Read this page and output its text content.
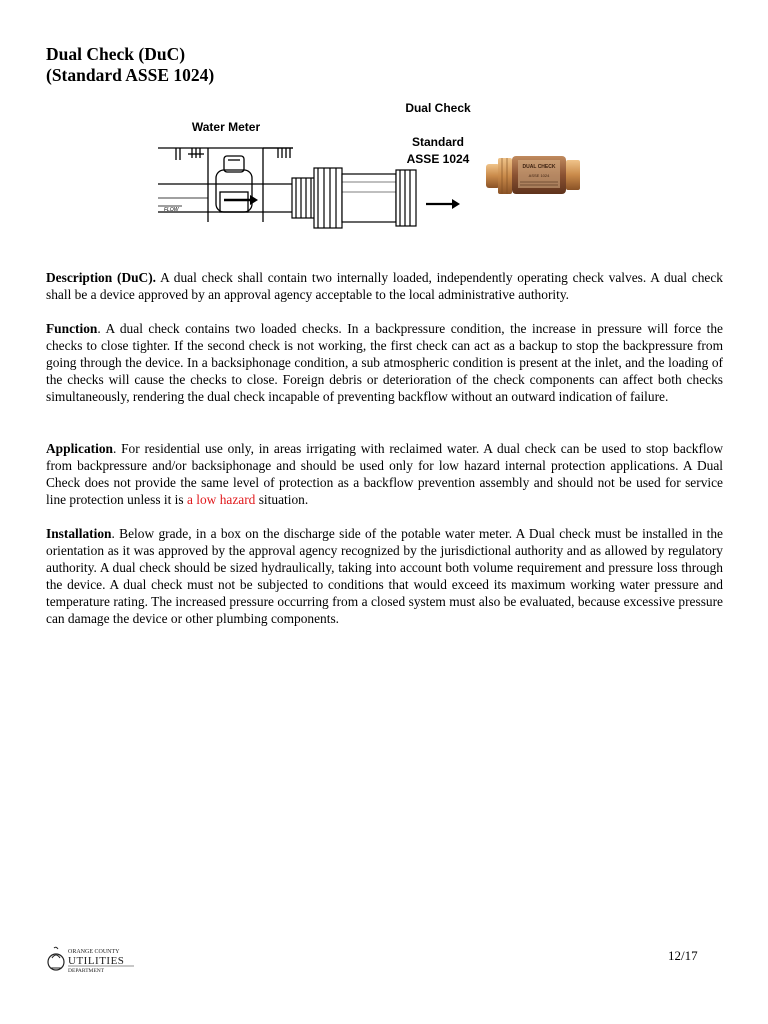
Dual Check (DuC)
(Standard ASSE 1024)
Dual Check
Water Meter
Standard
ASSE 1024
FLOW
DUAL CHECK
ASSE 1024

Description (DuC). A dual check shall contain two internally loaded, independently operating check valves. A dual check shall be a device approved by an approval agency acceptable to the local administrative authority.

Function. A dual check contains two loaded checks. In a backpressure condition, the increase in pressure will force the checks to close tighter. If the second check is not working, the first check can act as a backup to stop the backpressure from going through the device. In a backsiphonage condition, a sub atmospheric condition is present at the inlet, and the loading of the checks will cause the checks to close. Foreign debris or deterioration of the check components can affect both checks simultaneously, rendering the dual check incapable of preventing backflow without an outward indication of failure.

Application. For residential use only, in areas irrigating with reclaimed water. A dual check can be used to stop backflow from backpressure and/or backsiphonage and should be used only for low hazard internal protection applications. A Dual Check does not provide the same level of protection as a backflow prevention assembly and should not be used for service line protection unless it is a low hazard situation.

Installation. Below grade, in a box on the discharge side of the potable water meter. A Dual check must be installed in the orientation as it was approved by the approval agency recognized by the jurisdictional authority and as allowed by regulatory authority. A dual check should be sized hydraulically, taking into account both volume requirement and pressure loss through the device. A dual check must not be subjected to conditions that would exceed its maximum working water pressure and temperature rating. The increased pressure occurring from a closed system must also be evaluated, because excessive pressure can damage the device or other plumbing components.

ORANGE COUNTY
UTILITIES
DEPARTMENT
12/17
